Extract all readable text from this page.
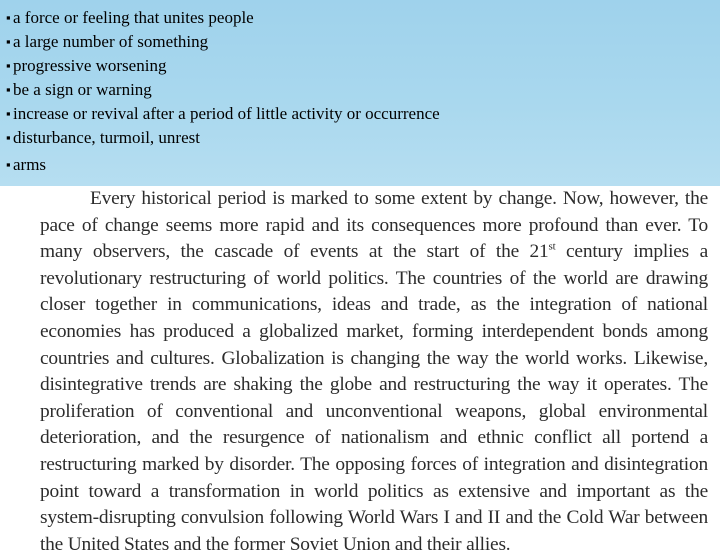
▪ a force or feeling that unites people
▪ a large number of something
▪ progressive worsening
▪ be a sign or warning
▪ increase or revival after a period of little activity or occurrence
▪ disturbance, turmoil, unrest
▪ arms

Every historical period is marked to some extent by change. Now, however, the pace of change seems more rapid and its consequences more profound than ever. To many observers, the cascade of events at the start of the 21st century implies a revolutionary restructuring of world politics. The countries of the world are drawing closer together in communications, ideas and trade, as the integration of national economies has produced a globalized market, forming interdependent bonds among countries and cultures. Globalization is changing the way the world works. Likewise, disintegrative trends are shaking the globe and restructuring the way it operates. The proliferation of conventional and unconventional weapons, global environmental deterioration, and the resurgence of nationalism and ethnic conflict all portend a restructuring marked by disorder. The opposing forces of integration and disintegration point toward a transformation in world politics as extensive and important as the system-disrupting convulsion following World Wars I and II and the Cold War between the United States and the former Soviet Union and their allies.
